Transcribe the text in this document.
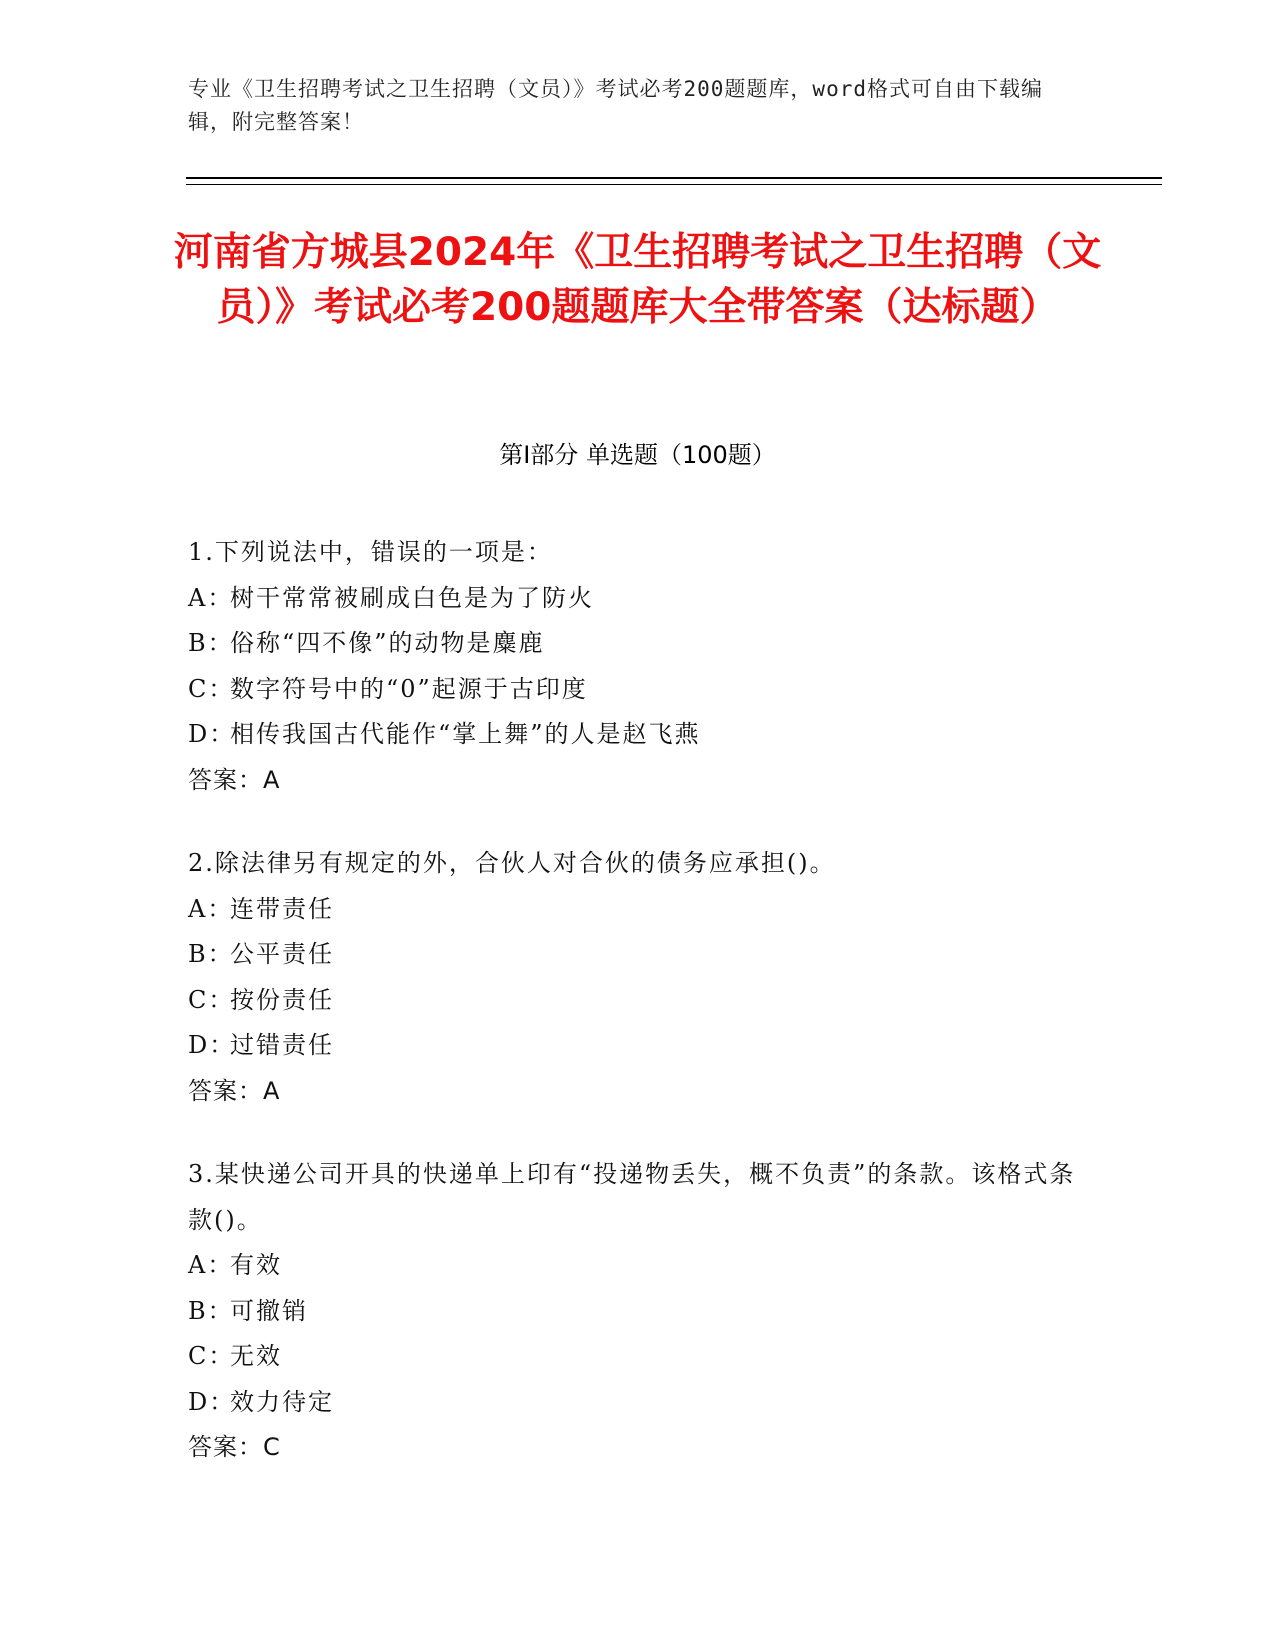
专业《卫生招聘考试之卫生招聘（文员）》考试必考200题题库，word格式可自由下载编辑，附完整答案！
河南省方城县2024年《卫生招聘考试之卫生招聘（文员）》考试必考200题题库大全带答案（达标题）
第Ⅰ部分 单选题（100题）
1.下列说法中，错误的一项是：
A：树干常常被刷成白色是为了防火
B：俗称“四不像”的动物是麋鹿
C：数字符号中的“0”起源于古印度
D：相传我国古代能作“掌上舞”的人是赵飞燕
答案：A
2.除法律另有规定的外，合伙人对合伙的债务应承担()。
A：连带责任
B：公平责任
C：按份责任
D：过错责任
答案：A
3.某快递公司开具的快递单上印有“投递物丢失，概不负责”的条款。该格式条款()。
A：有效
B：可撤销
C：无效
D：效力待定
答案：C
